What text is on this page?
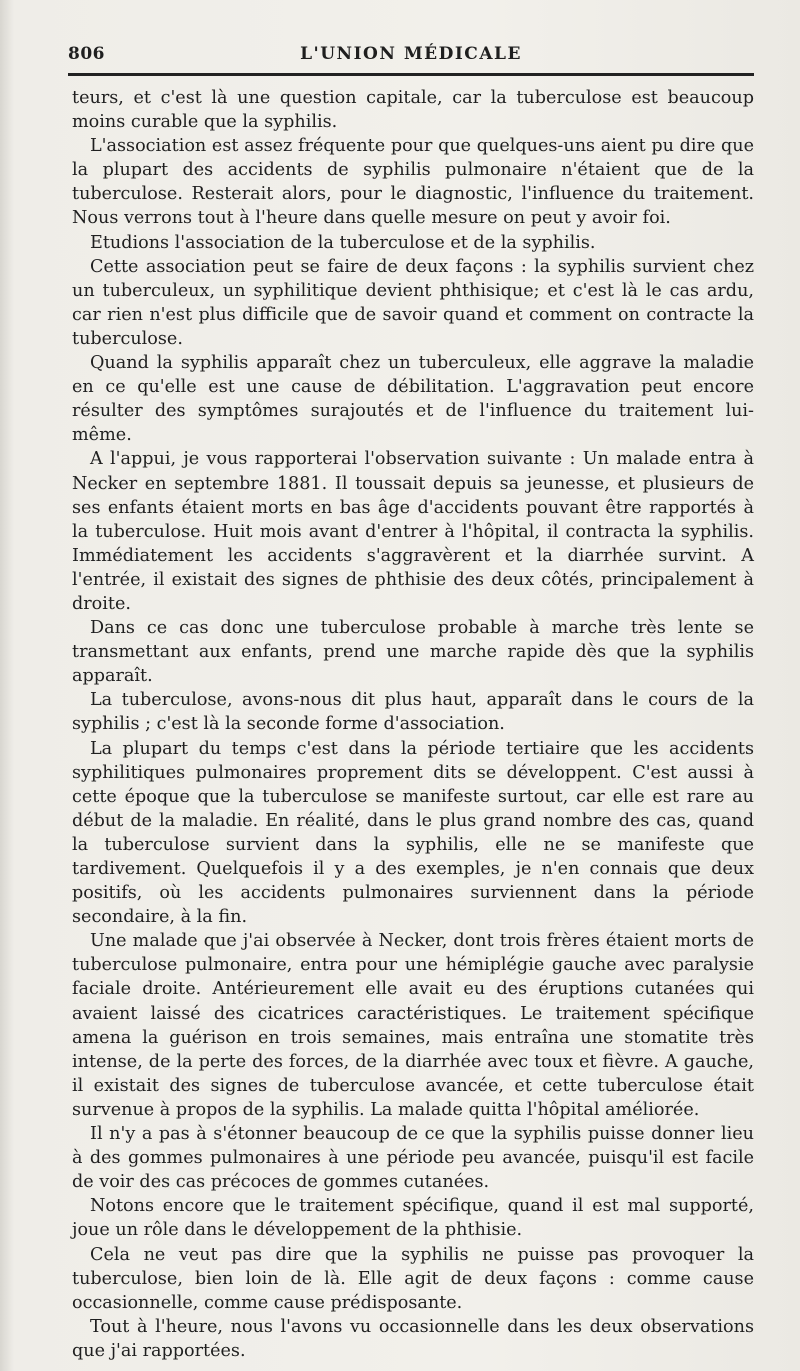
806	L'UNION MÉDICALE

teurs, et c'est là une question capitale, car la tuberculose est beaucoup moins curable que la syphilis.

L'association est assez fréquente pour que quelques-uns aient pu dire que la plupart des accidents de syphilis pulmonaire n'étaient que de la tuberculose. Resterait alors, pour le diagnostic, l'influence du traitement. Nous verrons tout à l'heure dans quelle mesure on peut y avoir foi.

Etudions l'association de la tuberculose et de la syphilis.

Cette association peut se faire de deux façons : la syphilis survient chez un tuberculeux, un syphilitique devient phthisique; et c'est là le cas ardu, car rien n'est plus difficile que de savoir quand et comment on contracte la tuberculose.

Quand la syphilis apparaît chez un tuberculeux, elle aggrave la maladie en ce qu'elle est une cause de débilitation. L'aggravation peut encore résulter des symptômes surajoutés et de l'influence du traitement lui-même.

A l'appui, je vous rapporterai l'observation suivante : Un malade entra à Necker en septembre 1881. Il toussait depuis sa jeunesse, et plusieurs de ses enfants étaient morts en bas âge d'accidents pouvant être rapportés à la tuberculose. Huit mois avant d'entrer à l'hôpital, il contracta la syphilis. Immédiatement les accidents s'aggravèrent et la diarrhée survint. A l'entrée, il existait des signes de phthisie des deux côtés, principalement à droite.

Dans ce cas donc une tuberculose probable à marche très lente se transmettant aux enfants, prend une marche rapide dès que la syphilis apparaît.

La tuberculose, avons-nous dit plus haut, apparaît dans le cours de la syphilis ; c'est là la seconde forme d'association.

La plupart du temps c'est dans la période tertiaire que les accidents syphilitiques pulmonaires proprement dits se développent. C'est aussi à cette époque que la tuberculose se manifeste surtout, car elle est rare au début de la maladie. En réalité, dans le plus grand nombre des cas, quand la tuberculose survient dans la syphilis, elle ne se manifeste que tardivement. Quelquefois il y a des exemples, je n'en connais que deux positifs, où les accidents pulmonaires surviennent dans la période secondaire, à la fin.

Une malade que j'ai observée à Necker, dont trois frères étaient morts de tuberculose pulmonaire, entra pour une hémiplégie gauche avec paralysie faciale droite. Antérieurement elle avait eu des éruptions cutanées qui avaient laissé des cicatrices caractéristiques. Le traitement spécifique amena la guérison en trois semaines, mais entraîna une stomatite très intense, de la perte des forces, de la diarrhée avec toux et fièvre. A gauche, il existait des signes de tuberculose avancée, et cette tuberculose était survenue à propos de la syphilis. La malade quitta l'hôpital améliorée.

Il n'y a pas à s'étonner beaucoup de ce que la syphilis puisse donner lieu à des gommes pulmonaires à une période peu avancée, puisqu'il est facile de voir des cas précoces de gommes cutanées.

Notons encore que le traitement spécifique, quand il est mal supporté, joue un rôle dans le développement de la phthisie.

Cela ne veut pas dire que la syphilis ne puisse pas provoquer la tuberculose, bien loin de là. Elle agit de deux façons : comme cause occasionnelle, comme cause prédisposante.

Tout à l'heure, nous l'avons vu occasionnelle dans les deux observations que j'ai rapportées.
